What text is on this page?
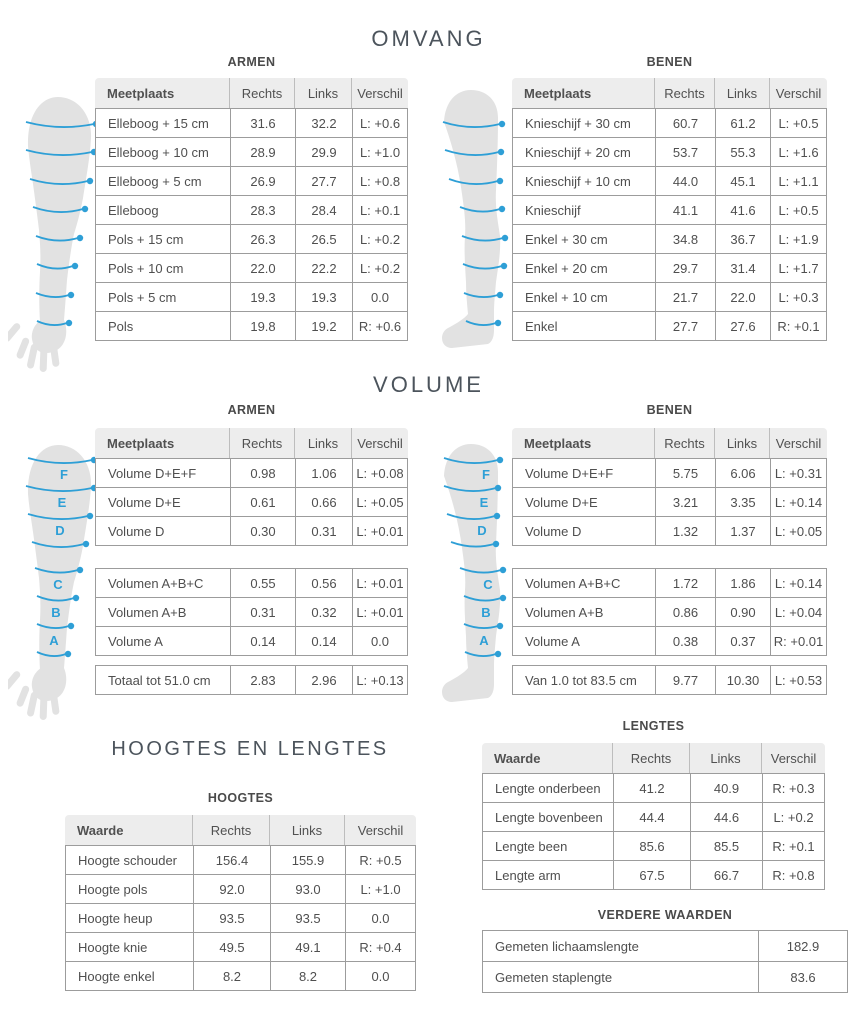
OMVANG
ARMEN	BENEN
Meetplaats	Rechts	Links	Verschil
Elleboog + 15 cm	31.6	32.2	L: +0.6
Elleboog + 10 cm	28.9	29.9	L: +1.0
Elleboog + 5 cm	26.9	27.7	L: +0.8
Elleboog	28.3	28.4	L: +0.1
Pols + 15 cm	26.3	26.5	L: +0.2
Pols + 10 cm	22.0	22.2	L: +0.2
Pols + 5 cm	19.3	19.3	0.0
Pols	19.8	19.2	R: +0.6
Meetplaats	Rechts	Links	Verschil
Knieschijf + 30 cm	60.7	61.2	L: +0.5
Knieschijf + 20 cm	53.7	55.3	L: +1.6
Knieschijf + 10 cm	44.0	45.1	L: +1.1
Knieschijf	41.1	41.6	L: +0.5
Enkel + 30 cm	34.8	36.7	L: +1.9
Enkel + 20 cm	29.7	31.4	L: +1.7
Enkel + 10 cm	21.7	22.0	L: +0.3
Enkel	27.7	27.6	R: +0.1
VOLUME
ARMEN	BENEN
F
E
D
C
B
A
F
E
D
C
B
A
Meetplaats	Rechts	Links	Verschil
Volume D+E+F	0.98	1.06	L: +0.08
Volume D+E	0.61	0.66	L: +0.05
Volume D	0.30	0.31	L: +0.01
Volumen A+B+C	0.55	0.56	L: +0.01
Volumen A+B	0.31	0.32	L: +0.01
Volume A	0.14	0.14	0.0
Totaal tot 51.0 cm	2.83	2.96	L: +0.13
Meetplaats	Rechts	Links	Verschil
Volume D+E+F	5.75	6.06	L: +0.31
Volume D+E	3.21	3.35	L: +0.14
Volume D	1.32	1.37	L: +0.05
Volumen A+B+C	1.72	1.86	L: +0.14
Volumen A+B	0.86	0.90	L: +0.04
Volume A	0.38	0.37	R: +0.01
Van 1.0 tot 83.5 cm	9.77	10.30	L: +0.53
HOOGTES EN LENGTES
HOOGTES
Waarde	Rechts	Links	Verschil
Hoogte schouder	156.4	155.9	R: +0.5
Hoogte pols	92.0	93.0	L: +1.0
Hoogte heup	93.5	93.5	0.0
Hoogte knie	49.5	49.1	R: +0.4
Hoogte enkel	8.2	8.2	0.0
LENGTES
Waarde	Rechts	Links	Verschil
Lengte onderbeen	41.2	40.9	R: +0.3
Lengte bovenbeen	44.4	44.6	L: +0.2
Lengte been	85.6	85.5	R: +0.1
Lengte arm	67.5	66.7	R: +0.8
VERDERE WAARDEN
Gemeten lichaamslengte	182.9
Gemeten staplengte	83.6
